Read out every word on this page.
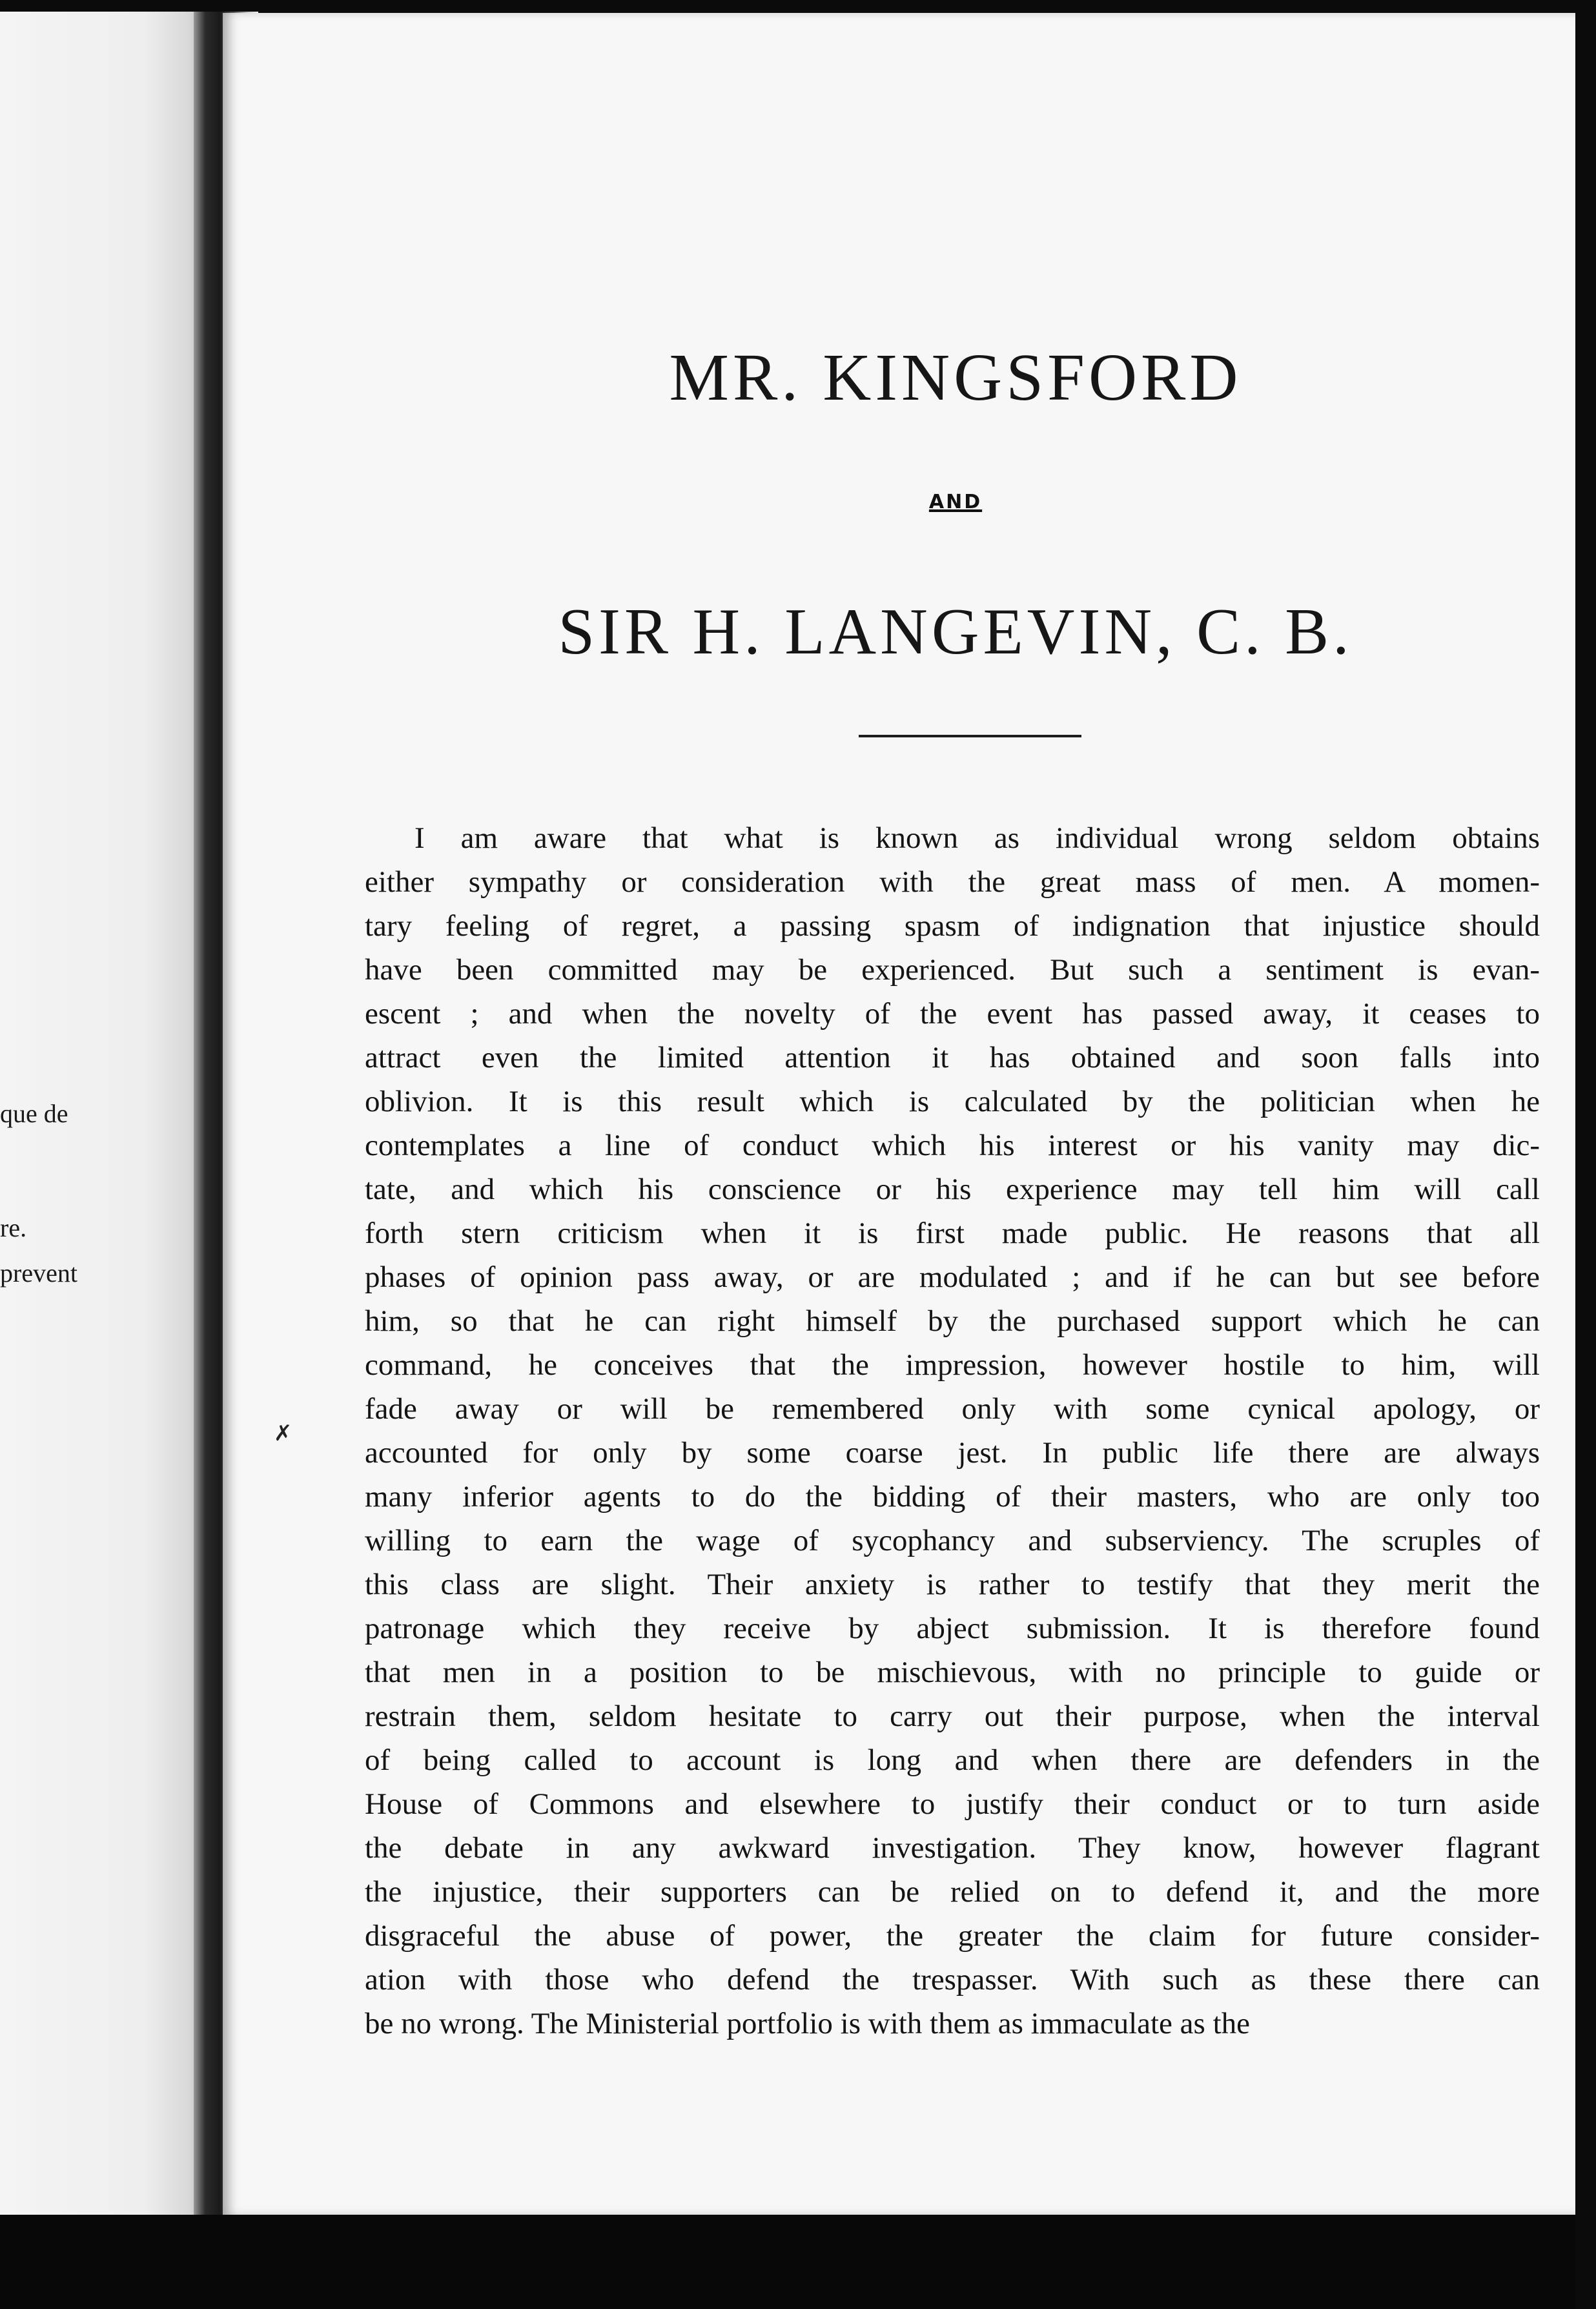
que de
re.
prevent
MR. KINGSFORD
AND
SIR H. LANGEVIN, C. B.
✗
I am aware that what is known as individual wrong seldom obtains
either sympathy or consideration with the great mass of men. A momen-
tary feeling of regret, a passing spasm of indignation that injustice should
have been committed may be experienced. But such a sentiment is evan-
escent ; and when the novelty of the event has passed away, it ceases to
attract even the limited attention it has obtained and soon falls into
oblivion. It is this result which is calculated by the politician when he
contemplates a line of conduct which his interest or his vanity may dic-
tate, and which his conscience or his experience may tell him will call
forth stern criticism when it is first made public. He reasons that all
phases of opinion pass away, or are modulated ; and if he can but see before
him, so that he can right himself by the purchased support which he can
command, he conceives that the impression, however hostile to him, will
fade away or will be remembered only with some cynical apology, or
accounted for only by some coarse jest. In public life there are always
many inferior agents to do the bidding of their masters, who are only too
willing to earn the wage of sycophancy and subserviency. The scruples of
this class are slight. Their anxiety is rather to testify that they merit the
patronage which they receive by abject submission. It is therefore found
that men in a position to be mischievous, with no principle to guide or
restrain them, seldom hesitate to carry out their purpose, when the interval
of being called to account is long and when there are defenders in the
House of Commons and elsewhere to justify their conduct or to turn aside
the debate in any awkward investigation. They know, however flagrant
the injustice, their supporters can be relied on to defend it, and the more
disgraceful the abuse of power, the greater the claim for future consider-
ation with those who defend the trespasser. With such as these there can
be no wrong. The Ministerial portfolio is with them as immaculate as the
